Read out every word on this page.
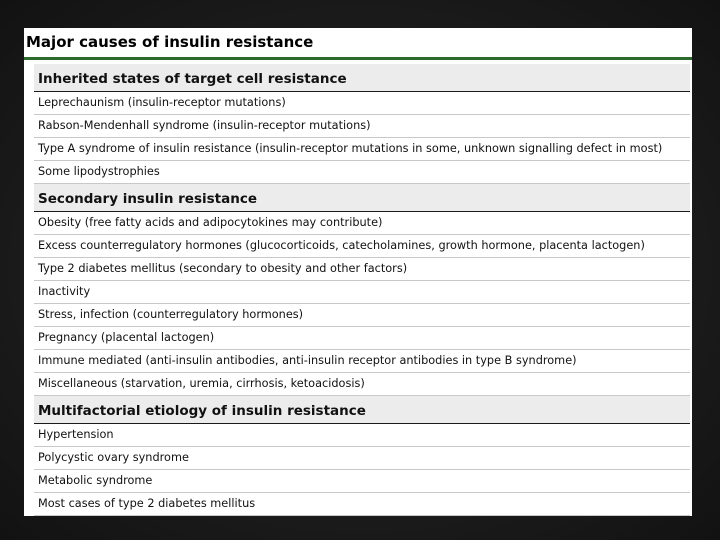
Major causes of insulin resistance
Inherited states of target cell resistance
Leprechaunism (insulin-receptor mutations)
Rabson-Mendenhall syndrome (insulin-receptor mutations)
Type A syndrome of insulin resistance (insulin-receptor mutations in some, unknown signalling defect in most)
Some lipodystrophies
Secondary insulin resistance
Obesity (free fatty acids and adipocytokines may contribute)
Excess counterregulatory hormones (glucocorticoids, catecholamines, growth hormone, placenta lactogen)
Type 2 diabetes mellitus (secondary to obesity and other factors)
Inactivity
Stress, infection (counterregulatory hormones)
Pregnancy (placental lactogen)
Immune mediated (anti-insulin antibodies, anti-insulin receptor antibodies in type B syndrome)
Miscellaneous (starvation, uremia, cirrhosis, ketoacidosis)
Multifactorial etiology of insulin resistance
Hypertension
Polycystic ovary syndrome
Metabolic syndrome
Most cases of type 2 diabetes mellitus
